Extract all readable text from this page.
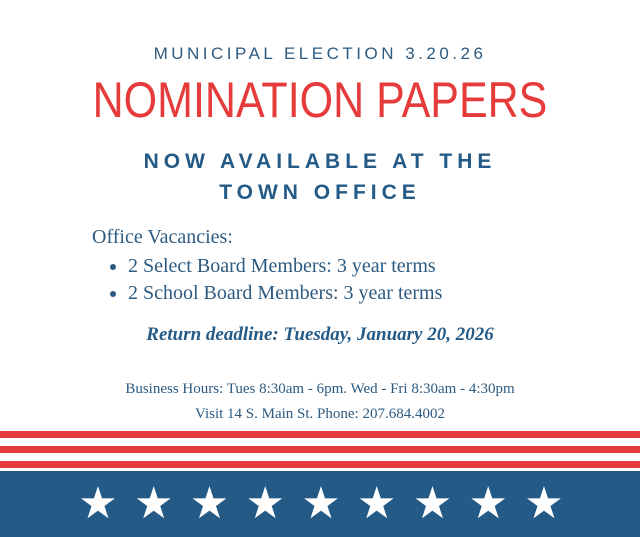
MUNICIPAL ELECTION 3.20.26
NOMINATION PAPERS
NOW AVAILABLE AT THE
TOWN OFFICE
Office Vacancies:
• 2 Select Board Members: 3 year terms
• 2 School Board Members: 3 year terms
Return deadline: Tuesday, January 20, 2026
Business Hours: Tues 8:30am - 6pm. Wed - Fri 8:30am - 4:30pm
Visit 14 S. Main St. Phone: 207.684.4002
★ ★ ★ ★ ★ ★ ★ ★ ★
